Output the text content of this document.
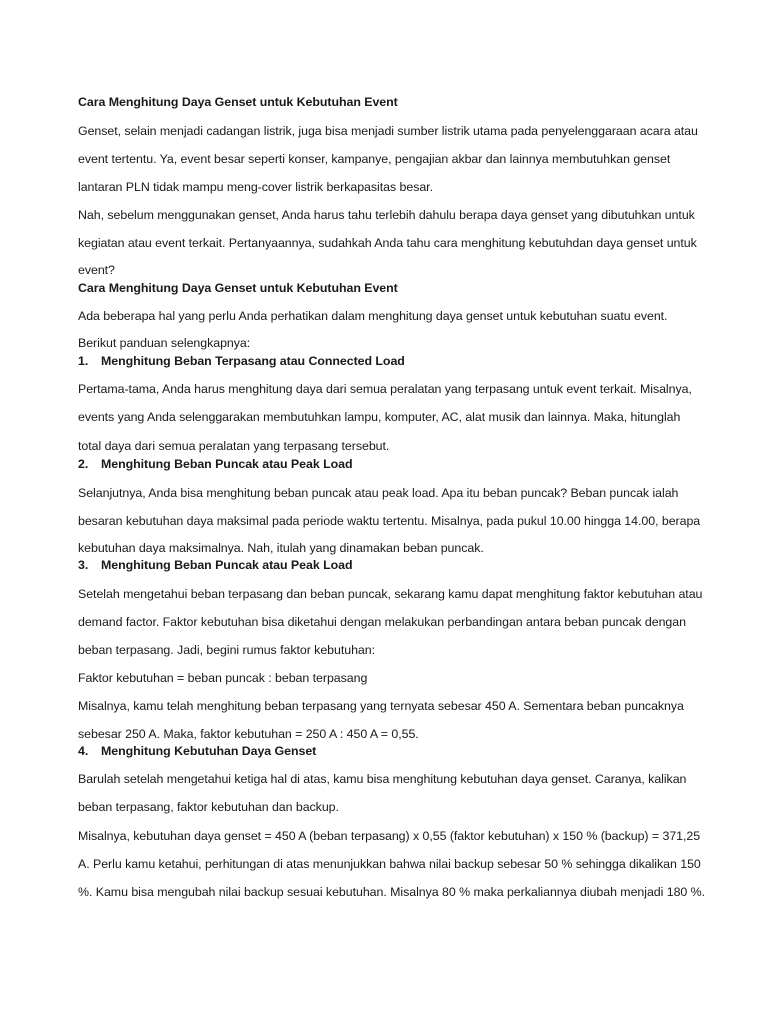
Cara Menghitung Daya Genset untuk Kebutuhan Event
Genset, selain menjadi cadangan listrik, juga bisa menjadi sumber listrik utama pada penyelenggaraan acara atau
event tertentu. Ya, event besar seperti konser, kampanye, pengajian akbar dan lainnya membutuhkan genset
lantaran PLN tidak mampu meng-cover listrik berkapasitas besar.
Nah, sebelum menggunakan genset, Anda harus tahu terlebih dahulu berapa daya genset yang dibutuhkan untuk
kegiatan atau event terkait. Pertanyaannya, sudahkah Anda tahu cara menghitung kebutuhdan daya genset untuk
event?
Cara Menghitung Daya Genset untuk Kebutuhan Event
Ada beberapa hal yang perlu Anda perhatikan dalam menghitung daya genset untuk kebutuhan suatu event.
Berikut panduan selengkapnya:
1. Menghitung Beban Terpasang atau Connected Load
Pertama-tama, Anda harus menghitung daya dari semua peralatan yang terpasang untuk event terkait. Misalnya,
events yang Anda selenggarakan membutuhkan lampu, komputer, AC, alat musik dan lainnya. Maka, hitunglah
total daya dari semua peralatan yang terpasang tersebut.
2. Menghitung Beban Puncak atau Peak Load
Selanjutnya, Anda bisa menghitung beban puncak atau peak load. Apa itu beban puncak? Beban puncak ialah
besaran kebutuhan daya maksimal pada periode waktu tertentu. Misalnya, pada pukul 10.00 hingga 14.00, berapa
kebutuhan daya maksimalnya. Nah, itulah yang dinamakan beban puncak.
3. Menghitung Beban Puncak atau Peak Load
Setelah mengetahui beban terpasang dan beban puncak, sekarang kamu dapat menghitung faktor kebutuhan atau
demand factor. Faktor kebutuhan bisa diketahui dengan melakukan perbandingan antara beban puncak dengan
beban terpasang. Jadi, begini rumus faktor kebutuhan:
Faktor kebutuhan = beban puncak : beban terpasang
Misalnya, kamu telah menghitung beban terpasang yang ternyata sebesar 450 A. Sementara beban puncaknya
sebesar 250 A. Maka, faktor kebutuhan = 250 A : 450 A = 0,55.
4. Menghitung Kebutuhan Daya Genset
Barulah setelah mengetahui ketiga hal di atas, kamu bisa menghitung kebutuhan daya genset. Caranya, kalikan
beban terpasang, faktor kebutuhan dan backup.
Misalnya, kebutuhan daya genset = 450 A (beban terpasang) x 0,55 (faktor kebutuhan) x 150 % (backup) = 371,25
A. Perlu kamu ketahui, perhitungan di atas menunjukkan bahwa nilai backup sebesar 50 % sehingga dikalikan 150
%. Kamu bisa mengubah nilai backup sesuai kebutuhan. Misalnya 80 % maka perkaliannya diubah menjadi 180 %.
